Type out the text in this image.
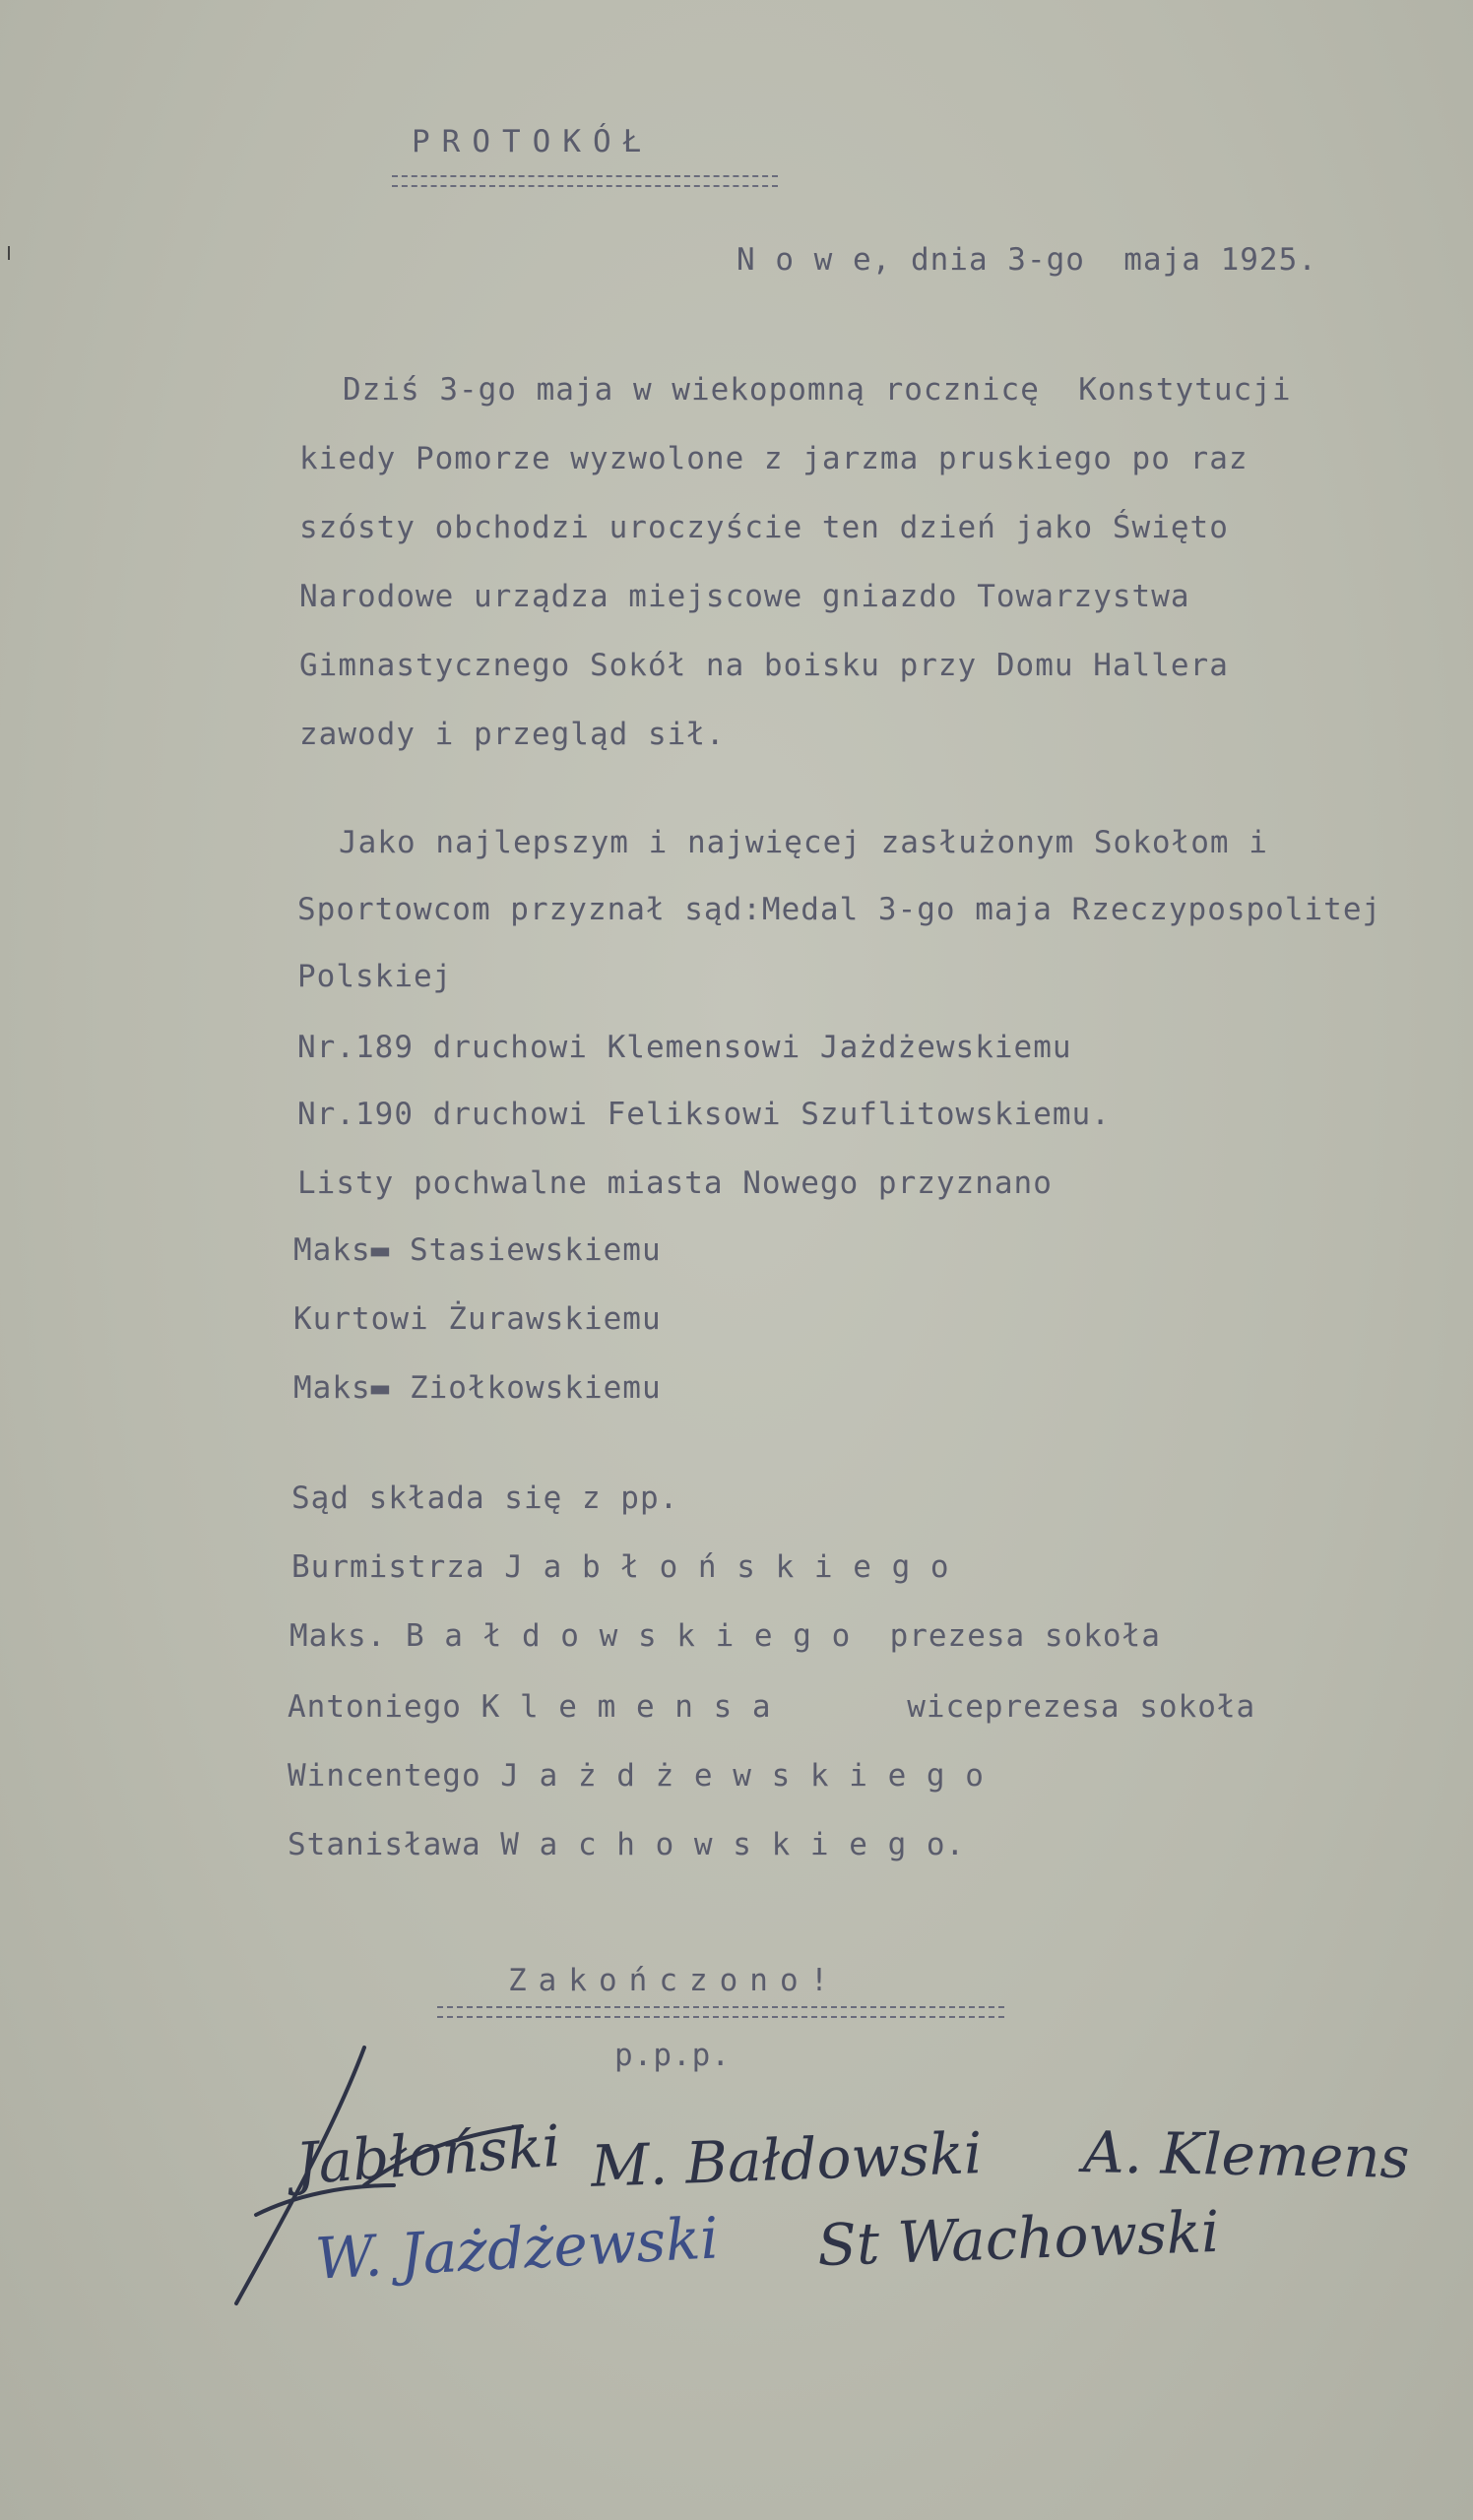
PROTOKÓŁ
N o w e, dnia 3-go  maja 1925.
Dziś 3-go maja w wiekopomną rocznicę  Konstytucji
kiedy Pomorze wyzwolone z jarzma pruskiego po raz
szósty obchodzi uroczyście ten dzień jako Święto
Narodowe urządza miejscowe gniazdo Towarzystwa
Gimnastycznego Sokół na boisku przy Domu Hallera
zawody i przegląd sił.
Jako najlepszym i najwięcej zasłużonym Sokołom i
Sportowcom przyznał sąd:Medal 3-go maja Rzeczypospolitej
Polskiej
Nr.189 druchowi Klemensowi Jażdżewskiemu
Nr.190 druchowi Feliksowi Szuflitowskiemu.
Listy pochwalne miasta Nowego przyznano
Maks▬ Stasiewskiemu
Kurtowi Żurawskiemu
Maks▬ Ziołkowskiemu
Sąd składa się z pp.
Burmistrza J a b ł o ń s k i e g o
Maks. B a ł d o w s k i e g o  prezesa sokoła
Antoniego K l e m e n s a       wiceprezesa sokoła
Wincentego J a ż d ż e w s k i e g o
Stanisława W a c h o w s k i e g o.
Zakończono!
p.p.p.
Jabłoński M. Bałdowski A. Klemens
W. Jażdżewski St Wachowski
